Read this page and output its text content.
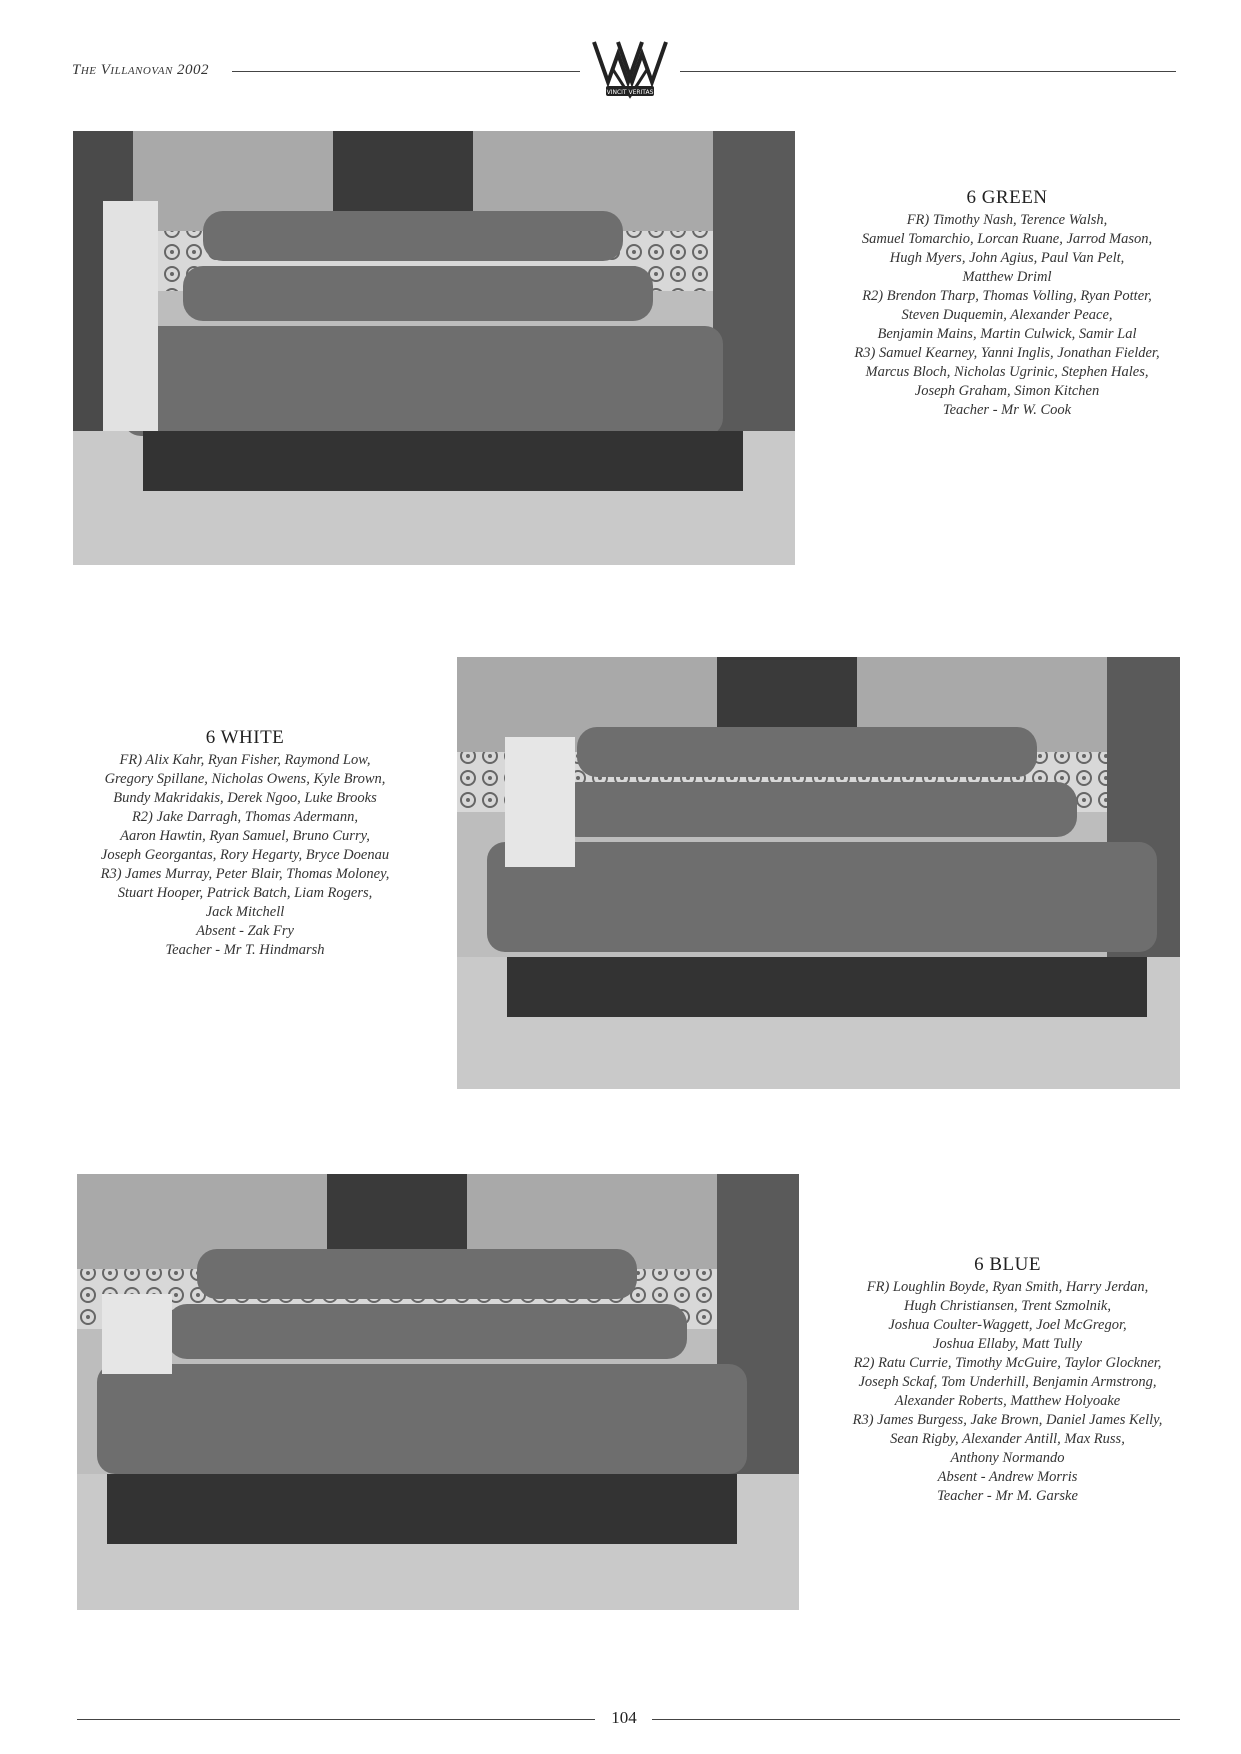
The Villanovan 2002
VINCIT VERITAS
6 GREEN
FR) Timothy Nash, Terence Walsh,
Samuel Tomarchio, Lorcan Ruane, Jarrod Mason,
Hugh Myers, John Agius, Paul Van Pelt,
Matthew Driml
R2) Brendon Tharp, Thomas Volling, Ryan Potter,
Steven Duquemin, Alexander Peace,
Benjamin Mains, Martin Culwick, Samir Lal
R3) Samuel Kearney, Yanni Inglis, Jonathan Fielder,
Marcus Bloch, Nicholas Ugrinic, Stephen Hales,
Joseph Graham, Simon Kitchen
Teacher - Mr W. Cook
6 WHITE
FR) Alix Kahr, Ryan Fisher, Raymond Low,
Gregory Spillane, Nicholas Owens, Kyle Brown,
Bundy Makridakis, Derek Ngoo, Luke Brooks
R2) Jake Darragh, Thomas Adermann,
Aaron Hawtin, Ryan Samuel, Bruno Curry,
Joseph Georgantas, Rory Hegarty, Bryce Doenau
R3) James Murray, Peter Blair, Thomas Moloney,
Stuart Hooper, Patrick Batch, Liam Rogers,
Jack Mitchell
Absent - Zak Fry
Teacher - Mr T. Hindmarsh
6 BLUE
FR) Loughlin Boyde, Ryan Smith, Harry Jerdan,
Hugh Christiansen, Trent Szmolnik,
Joshua Coulter-Waggett, Joel McGregor,
Joshua Ellaby, Matt Tully
R2) Ratu Currie, Timothy McGuire, Taylor Glockner,
Joseph Sckaf, Tom Underhill, Benjamin Armstrong,
Alexander Roberts, Matthew Holyoake
R3) James Burgess, Jake Brown, Daniel James Kelly,
Sean Rigby, Alexander Antill, Max Russ,
Anthony Normando
Absent - Andrew Morris
Teacher - Mr M. Garske
104
